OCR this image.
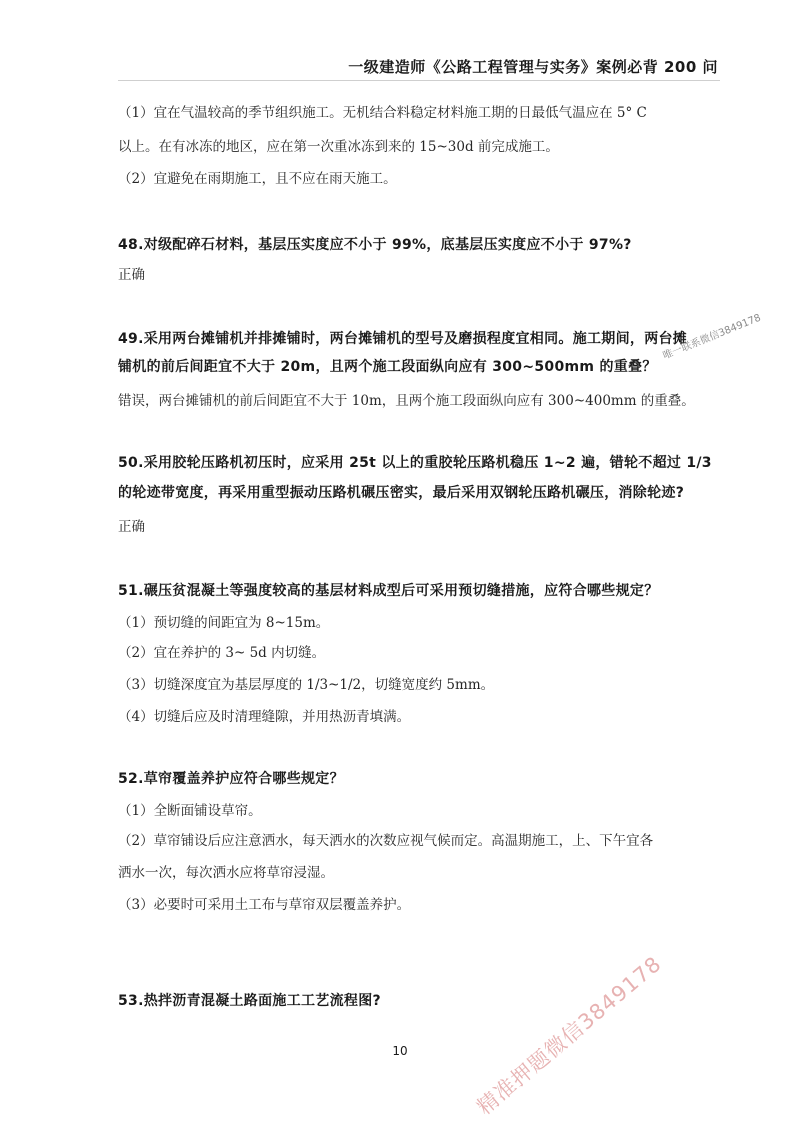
一级建造师《公路工程管理与实务》案例必背 200 问
（1）宜在气温较高的季节组织施工。无机结合料稳定材料施工期的日最低气温应在 5° C
以上。在有冰冻的地区，应在第一次重冰冻到来的 15~30d 前完成施工。
（2）宜避免在雨期施工，且不应在雨天施工。
48.对级配碎石材料，基层压实度应不小于 99%，底基层压实度应不小于 97%?
正确
49.采用两台摊铺机并排摊铺时，两台摊铺机的型号及磨损程度宜相同。施工期间，两台摊
铺机的前后间距宜不大于 20m，且两个施工段面纵向应有 300~500mm 的重叠？
错误，两台摊铺机的前后间距宜不大于 10m，且两个施工段面纵向应有 300~400mm 的重叠。
50.采用胶轮压路机初压时，应采用 25t 以上的重胶轮压路机稳压 1~2 遍，错轮不超过 1/3
的轮迹带宽度，再采用重型振动压路机碾压密实，最后采用双钢轮压路机碾压，消除轮迹?
正确
51.碾压贫混凝土等强度较高的基层材料成型后可采用预切缝措施，应符合哪些规定？
（1）预切缝的间距宜为 8~15m。
（2）宜在养护的 3~ 5d 内切缝。
（3）切缝深度宜为基层厚度的 1/3~1/2，切缝宽度约 5mm。
（4）切缝后应及时清理缝隙，并用热沥青填满。
52.草帘覆盖养护应符合哪些规定？
（1）全断面铺设草帘。
（2）草帘铺设后应注意洒水，每天洒水的次数应视气候而定。高温期施工，上、下午宜各
洒水一次，每次洒水应将草帘浸湿。
（3）必要时可采用土工布与草帘双层覆盖养护。
53.热拌沥青混凝土路面施工工艺流程图?
10
唯一联系微信3849178
精准押题微信3849178
